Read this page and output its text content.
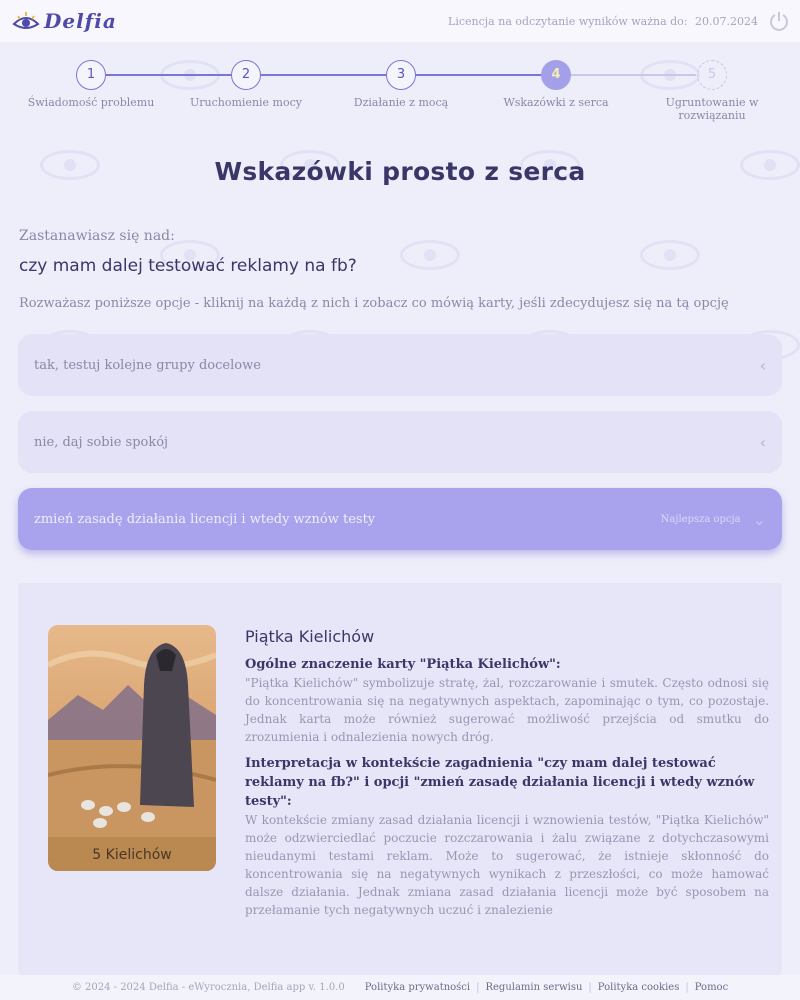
Delfia	Licencja na odczytanie wyników ważna do: 20.07.2024
1
Świadomość problemu
2
Uruchomienie mocy
3
Działanie z mocą
4
Wskazówki z serca
5
Ugruntowanie w rozwiązaniu
Wskazówki prosto z serca
Zastanawiasz się nad:
czy mam dalej testować reklamy na fb?
Rozważasz poniższe opcje - kliknij na każdą z nich i zobacz co mówią karty, jeśli zdecydujesz się na tą opcję
tak, testuj kolejne grupy docelowe	‹
nie, daj sobie spokój	‹
zmień zasadę działania licencji i wtedy wznów testy	Najlepsza opcja ⌄
5 Kielichów
Piątka Kielichów
Ogólne znaczenie karty "Piątka Kielichów":
"Piątka Kielichów" symbolizuje stratę, żal, rozczarowanie i smutek. Często odnosi się do koncentrowania się na negatywnych aspektach, zapominając o tym, co pozostaje. Jednak karta może również sugerować możliwość przejścia od smutku do zrozumienia i odnalezienia nowych dróg.
Interpretacja w kontekście zagadnienia "czy mam dalej testować reklamy na fb?" i opcji "zmień zasadę działania licencji i wtedy wznów testy":
W kontekście zmiany zasad działania licencji i wznowienia testów, "Piątka Kielichów" może odzwierciedlać poczucie rozczarowania i żalu związane z dotychczasowymi nieudanymi testami reklam. Może to sugerować, że istnieje skłonność do koncentrowania się na negatywnych wynikach z przeszłości, co może hamować dalsze działania. Jednak zmiana zasad działania licencji może być sposobem na przełamanie tych negatywnych uczuć i znalezienie
© 2024 - 2024 Delfia - eWyrocznia, Delfia app v. 1.0.0 Polityka prywatności | Regulamin serwisu | Polityka cookies | Pomoc
